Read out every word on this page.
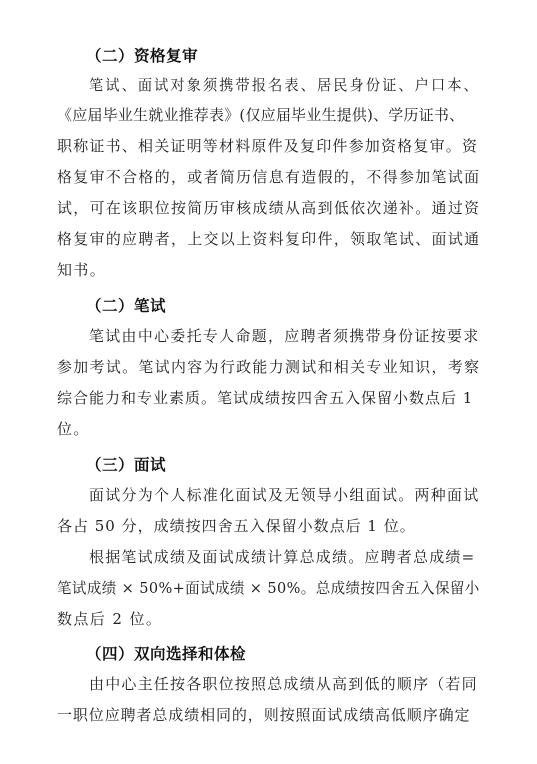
（二）资格复审
笔试、面试对象须携带报名表、居民身份证、户口本、
《应届毕业生就业推荐表》(仅应届毕业生提供)、学历证书、
职称证书、相关证明等材料原件及复印件参加资格复审。资
格复审不合格的，或者简历信息有造假的，不得参加笔试面
试，可在该职位按简历审核成绩从高到低依次递补。通过资
格复审的应聘者，上交以上资料复印件，领取笔试、面试通
知书。
（二）笔试
笔试由中心委托专人命题，应聘者须携带身份证按要求
参加考试。笔试内容为行政能力测试和相关专业知识，考察
综合能力和专业素质。笔试成绩按四舍五入保留小数点后 1
位。
（三）面试
面试分为个人标准化面试及无领导小组面试。两种面试
各占 50 分，成绩按四舍五入保留小数点后 1 位。
根据笔试成绩及面试成绩计算总成绩。应聘者总成绩=
笔试成绩 × 50%+面试成绩 × 50%。总成绩按四舍五入保留小
数点后 2 位。
（四）双向选择和体检
由中心主任按各职位按照总成绩从高到低的顺序（若同
一职位应聘者总成绩相同的，则按照面试成绩高低顺序确定
